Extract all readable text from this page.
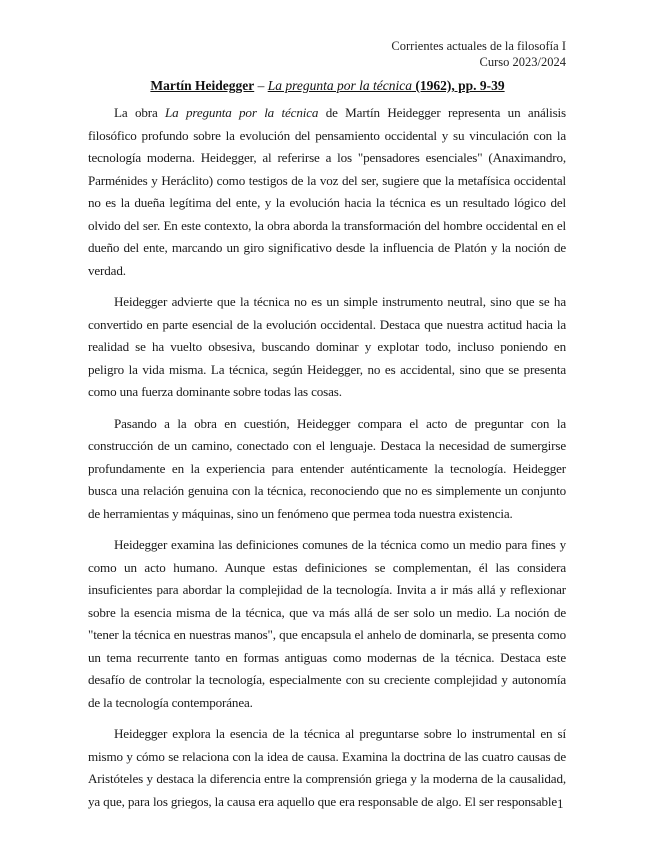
Corrientes actuales de la filosofía I
Curso 2023/2024
Martín Heidegger – La pregunta por la técnica (1962), pp. 9-39

La obra La pregunta por la técnica de Martín Heidegger representa un análisis filosófico profundo sobre la evolución del pensamiento occidental y su vinculación con la tecnología moderna. Heidegger, al referirse a los "pensadores esenciales" (Anaximandro, Parménides y Heráclito) como testigos de la voz del ser, sugiere que la metafísica occidental no es la dueña legítima del ente, y la evolución hacia la técnica es un resultado lógico del olvido del ser. En este contexto, la obra aborda la transformación del hombre occidental en el dueño del ente, marcando un giro significativo desde la influencia de Platón y la noción de verdad.

Heidegger advierte que la técnica no es un simple instrumento neutral, sino que se ha convertido en parte esencial de la evolución occidental. Destaca que nuestra actitud hacia la realidad se ha vuelto obsesiva, buscando dominar y explotar todo, incluso poniendo en peligro la vida misma. La técnica, según Heidegger, no es accidental, sino que se presenta como una fuerza dominante sobre todas las cosas.

Pasando a la obra en cuestión, Heidegger compara el acto de preguntar con la construcción de un camino, conectado con el lenguaje. Destaca la necesidad de sumergirse profundamente en la experiencia para entender auténticamente la tecnología. Heidegger busca una relación genuina con la técnica, reconociendo que no es simplemente un conjunto de herramientas y máquinas, sino un fenómeno que permea toda nuestra existencia.

Heidegger examina las definiciones comunes de la técnica como un medio para fines y como un acto humano. Aunque estas definiciones se complementan, él las considera insuficientes para abordar la complejidad de la tecnología. Invita a ir más allá y reflexionar sobre la esencia misma de la técnica, que va más allá de ser solo un medio. La noción de "tener la técnica en nuestras manos", que encapsula el anhelo de dominarla, se presenta como un tema recurrente tanto en formas antiguas como modernas de la técnica. Destaca este desafío de controlar la tecnología, especialmente con su creciente complejidad y autonomía de la tecnología contemporánea.

Heidegger explora la esencia de la técnica al preguntarse sobre lo instrumental en sí mismo y cómo se relaciona con la idea de causa. Examina la doctrina de las cuatro causas de Aristóteles y destaca la diferencia entre la comprensión griega y la moderna de la causalidad, ya que, para los griegos, la causa era aquello que era responsable de algo. El ser responsable 1
